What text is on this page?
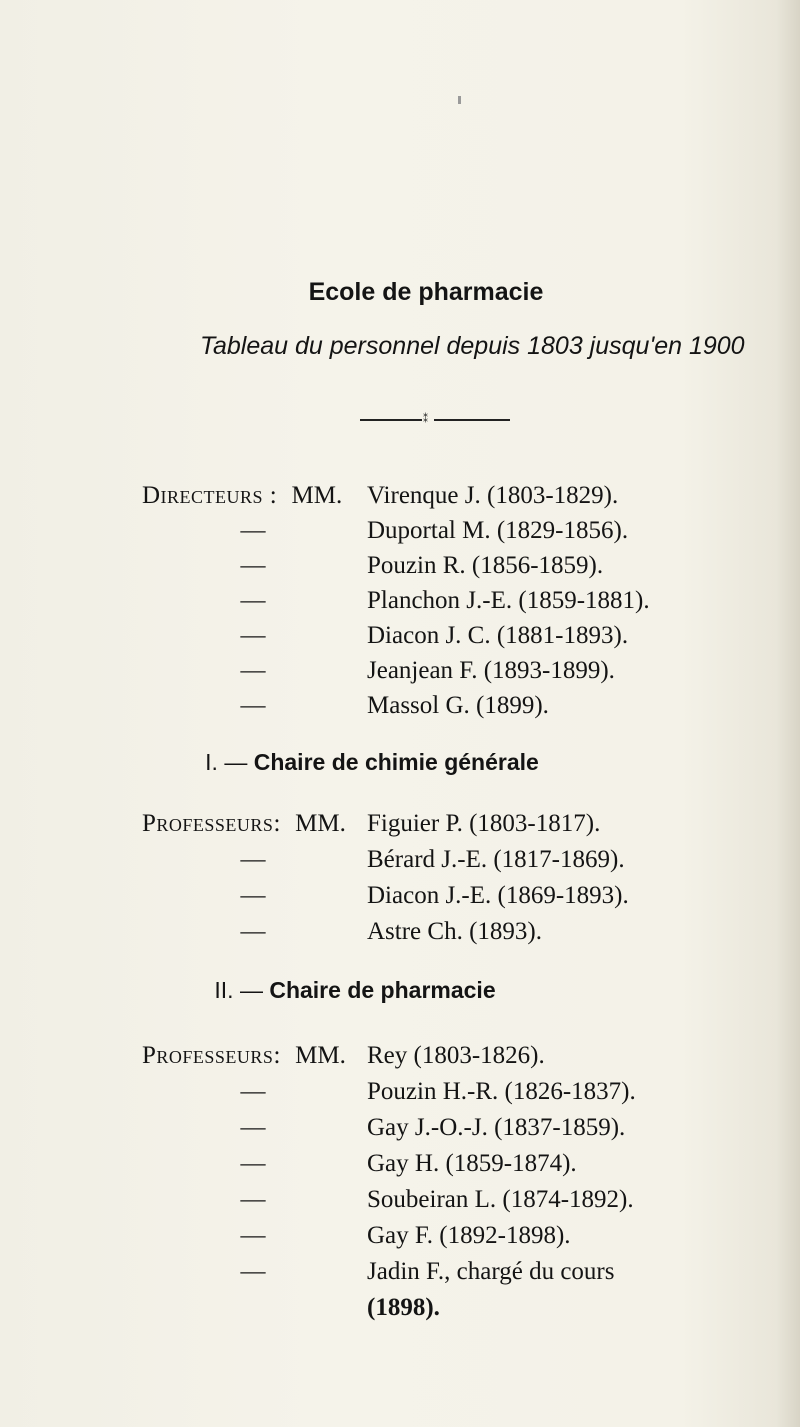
Ecole de pharmacie
Tableau du personnel depuis 1803 jusqu'en 1900
⁑
Directeurs : MM. Virenque J. (1803-1829).
—	Duportal M. (1829-1856).
—	Pouzin R. (1856-1859).
—	Planchon J.-E. (1859-1881).
—	Diacon J. C. (1881-1893).
—	Jeanjean F. (1893-1899).
—	Massol G. (1899).
I. — Chaire de chimie générale
Professeurs: MM. Figuier P. (1803-1817).
—	Bérard J.-E. (1817-1869).
—	Diacon J.-E. (1869-1893).
—	Astre Ch. (1893).
II. — Chaire de pharmacie
Professeurs: MM. Rey (1803-1826).
—	Pouzin H.-R. (1826-1837).
—	Gay J.-O.-J. (1837-1859).
—	Gay H. (1859-1874).
—	Soubeiran L. (1874-1892).
—	Gay F. (1892-1898).
—	Jadin F., chargé du cours
(1898).
